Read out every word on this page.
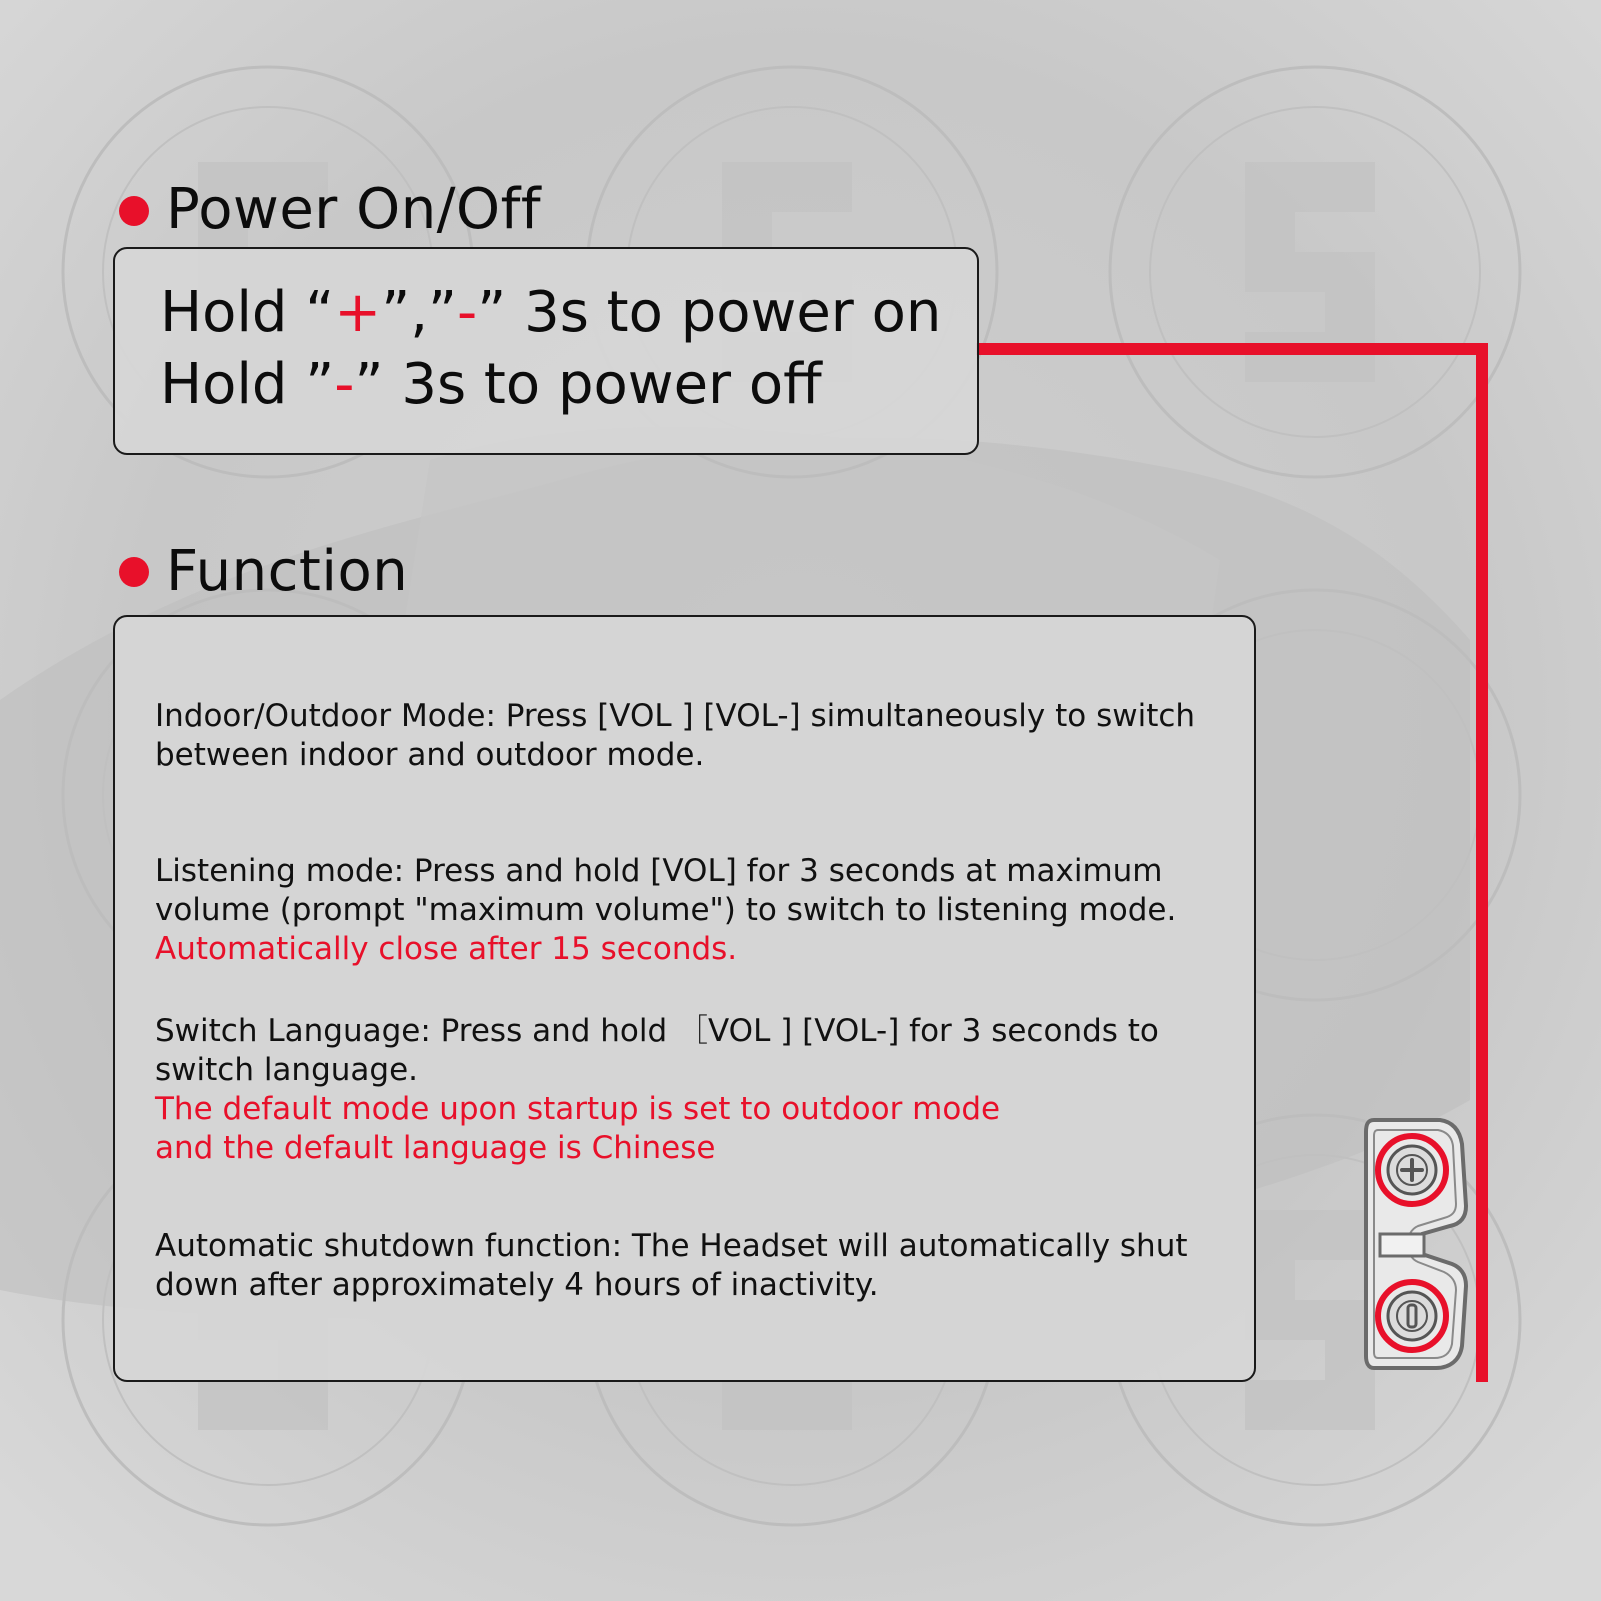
Power On/Off
Hold “+”,”-” 3s to power on
Hold ”-” 3s to power off
Function
Indoor/Outdoor Mode: Press [VOL ] [VOL-] simultaneously to switch
between indoor and outdoor mode.
Listening mode: Press and hold [VOL] for 3 seconds at maximum
volume (prompt "maximum volume") to switch to listening mode.
Automatically close after 15 seconds.
Switch Language: Press and hold ［VOL ] [VOL-] for 3 seconds to
switch language.
The default mode upon startup is set to outdoor mode
and the default language is Chinese
Automatic shutdown function: The Headset will automatically shut
down after approximately 4 hours of inactivity.
